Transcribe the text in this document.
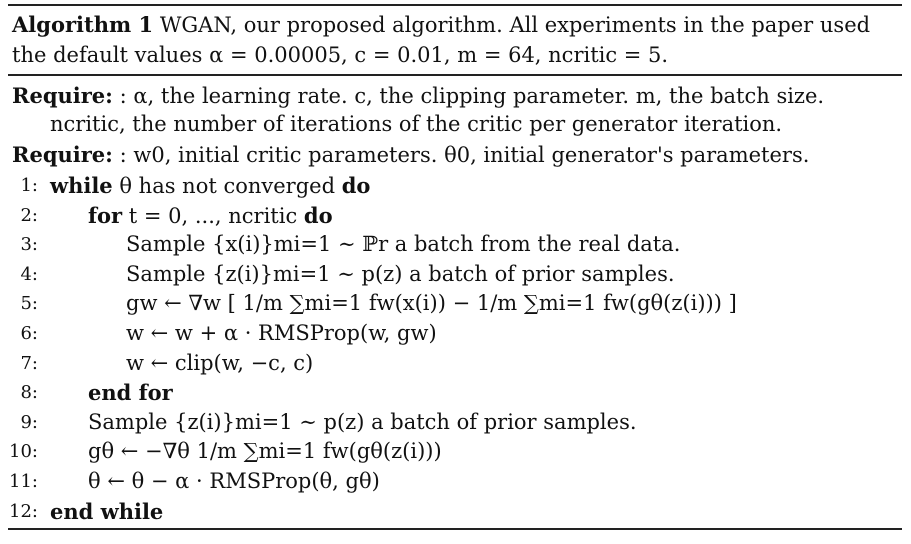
Algorithm 1 WGAN, our proposed algorithm. All experiments in the paper used
the default values α = 0.00005, c = 0.01, m = 64, ncritic = 5.
Require: : α, the learning rate. c, the clipping parameter. m, the batch size.
ncritic, the number of iterations of the critic per generator iteration.
Require: : w0, initial critic parameters. θ0, initial generator's parameters.
1: while θ has not converged do
2: for t = 0, ..., ncritic do
3:	Sample {x(i)}mi=1 ∼ ℙr a batch from the real data.
4:	Sample {z(i)}mi=1 ∼ p(z) a batch of prior samples.
5:	gw ← ∇w [ 1/m ∑mi=1 fw(x(i)) − 1/m ∑mi=1 fw(gθ(z(i))) ]
6:	w ← w + α · RMSProp(w, gw)
7:	w ← clip(w, −c, c)
8: end for
9: Sample {z(i)}mi=1 ∼ p(z) a batch of prior samples.
10: gθ ← −∇θ 1/m ∑mi=1 fw(gθ(z(i)))
11: θ ← θ − α · RMSProp(θ, gθ)
12: end while
